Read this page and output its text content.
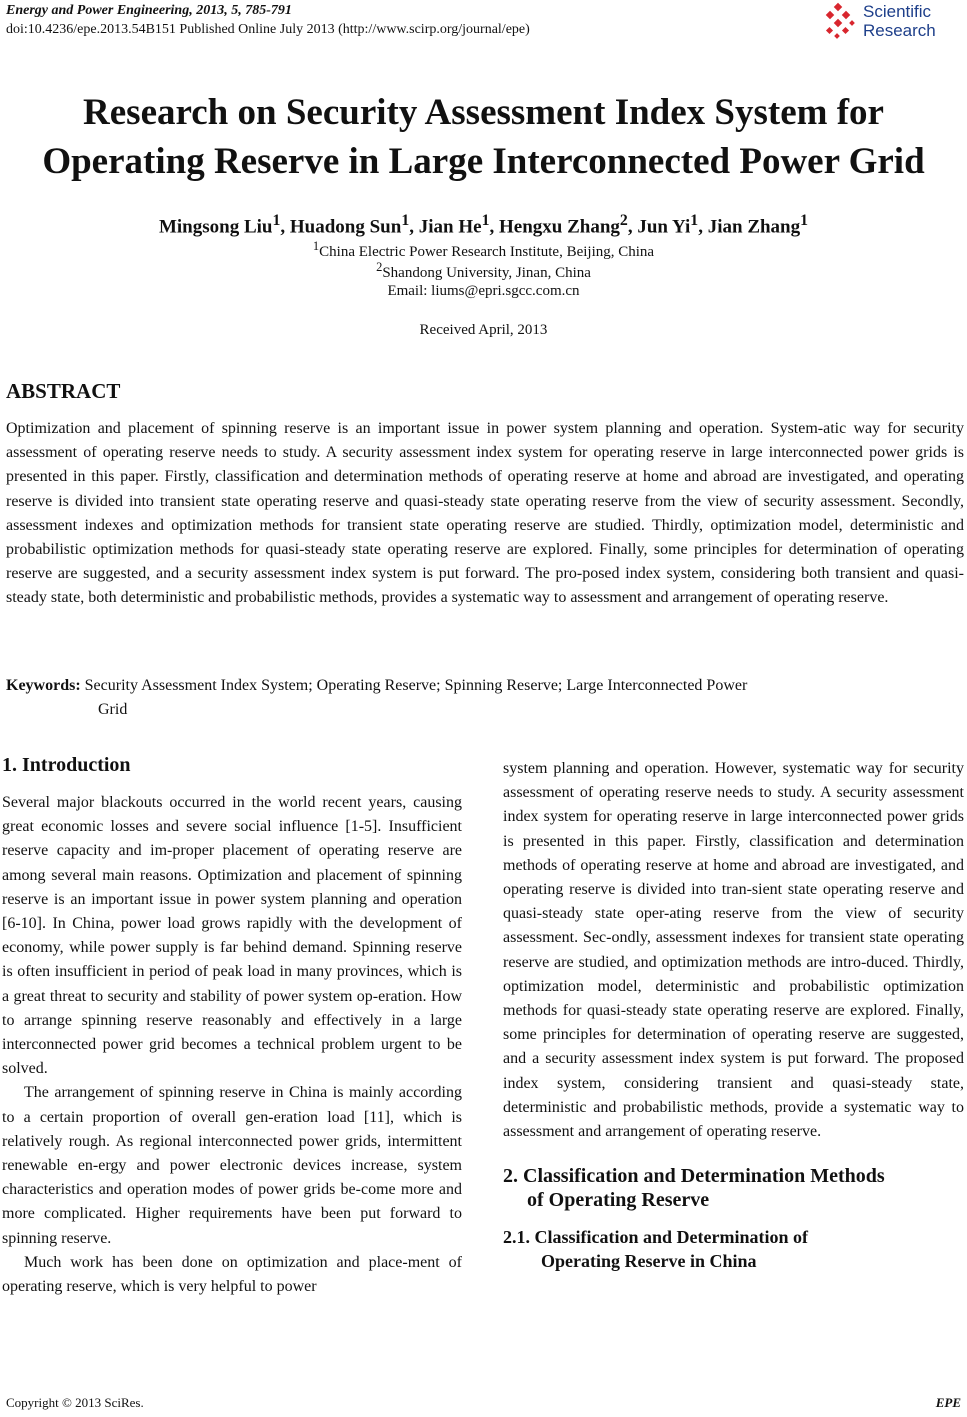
Energy and Power Engineering, 2013, 5, 785-791
doi:10.4236/epe.2013.54B151 Published Online July 2013 (http://www.scirp.org/journal/epe)
Scientific
Research
Research on Security Assessment Index System for
Operating Reserve in Large Interconnected Power Grid
Mingsong Liu$^1$, Huadong Sun$^1$, Jian He$^1$, Hengxu Zhang$^2$, Jun Yi$^1$, Jian Zhang$^1$
$^1$China Electric Power Research Institute, Beijing, China
$^2$Shandong University, Jinan, China
Email: liums@epri.sgcc.com.cn
Received April, 2013
ABSTRACT

Optimization and placement of spinning reserve is an important issue in power system planning and operation. System-atic way for security assessment of operating reserve needs to study. A security assessment index system for operating reserve in large interconnected power grids is presented in this paper. Firstly, classification and determination methods of operating reserve at home and abroad are investigated, and operating reserve is divided into transient state operating reserve and quasi-steady state operating reserve from the view of security assessment. Secondly, assessment indexes and optimization methods for transient state operating reserve are studied. Thirdly, optimization model, deterministic and probabilistic optimization methods for quasi-steady state operating reserve are explored. Finally, some principles for determination of operating reserve are suggested, and a security assessment index system is put forward. The pro-posed index system, considering both transient and quasi-steady state, both deterministic and probabilistic methods, provides a systematic way to assessment and arrangement of operating reserve.

Keywords: Security Assessment Index System; Operating Reserve; Spinning Reserve; Large Interconnected Power
Grid
1. Introduction

Several major blackouts occurred in the world recent years, causing great economic losses and severe social influence [1-5]. Insufficient reserve capacity and im-proper placement of operating reserve are among several main reasons. Optimization and placement of spinning reserve is an important issue in power system planning and operation [6-10]. In China, power load grows rapidly with the development of economy, while power supply is far behind demand. Spinning reserve is often insufficient in period of peak load in many provinces, which is a great threat to security and stability of power system op-eration. How to arrange spinning reserve reasonably and effectively in a large interconnected power grid becomes a technical problem urgent to be solved.

The arrangement of spinning reserve in China is mainly according to a certain proportion of overall gen-eration load [11], which is relatively rough. As regional interconnected power grids, intermittent renewable en-ergy and power electronic devices increase, system characteristics and operation modes of power grids be-come more and more complicated. Higher requirements have been put forward to spinning reserve.

Much work has been done on optimization and place-ment of operating reserve, which is very helpful to power

system planning and operation. However, systematic way for security assessment of operating reserve needs to study. A security assessment index system for operating reserve in large interconnected power grids is presented in this paper. Firstly, classification and determination methods of operating reserve at home and abroad are investigated, and operating reserve is divided into tran-sient state operating reserve and quasi-steady state oper-ating reserve from the view of security assessment. Sec-ondly, assessment indexes for transient state operating reserve are studied, and optimization methods are intro-duced. Thirdly, optimization model, deterministic and probabilistic optimization methods for quasi-steady state operating reserve are explored. Finally, some principles for determination of operating reserve are suggested, and a security assessment index system is put forward. The proposed index system, considering transient and quasi-steady state, deterministic and probabilistic methods, provide a systematic way to assessment and arrangement of operating reserve.

2. Classification and Determination Methods
of Operating Reserve
2.1. Classification and Determination of
Operating Reserve in China
Copyright © 2013 SciRes.	EPE
